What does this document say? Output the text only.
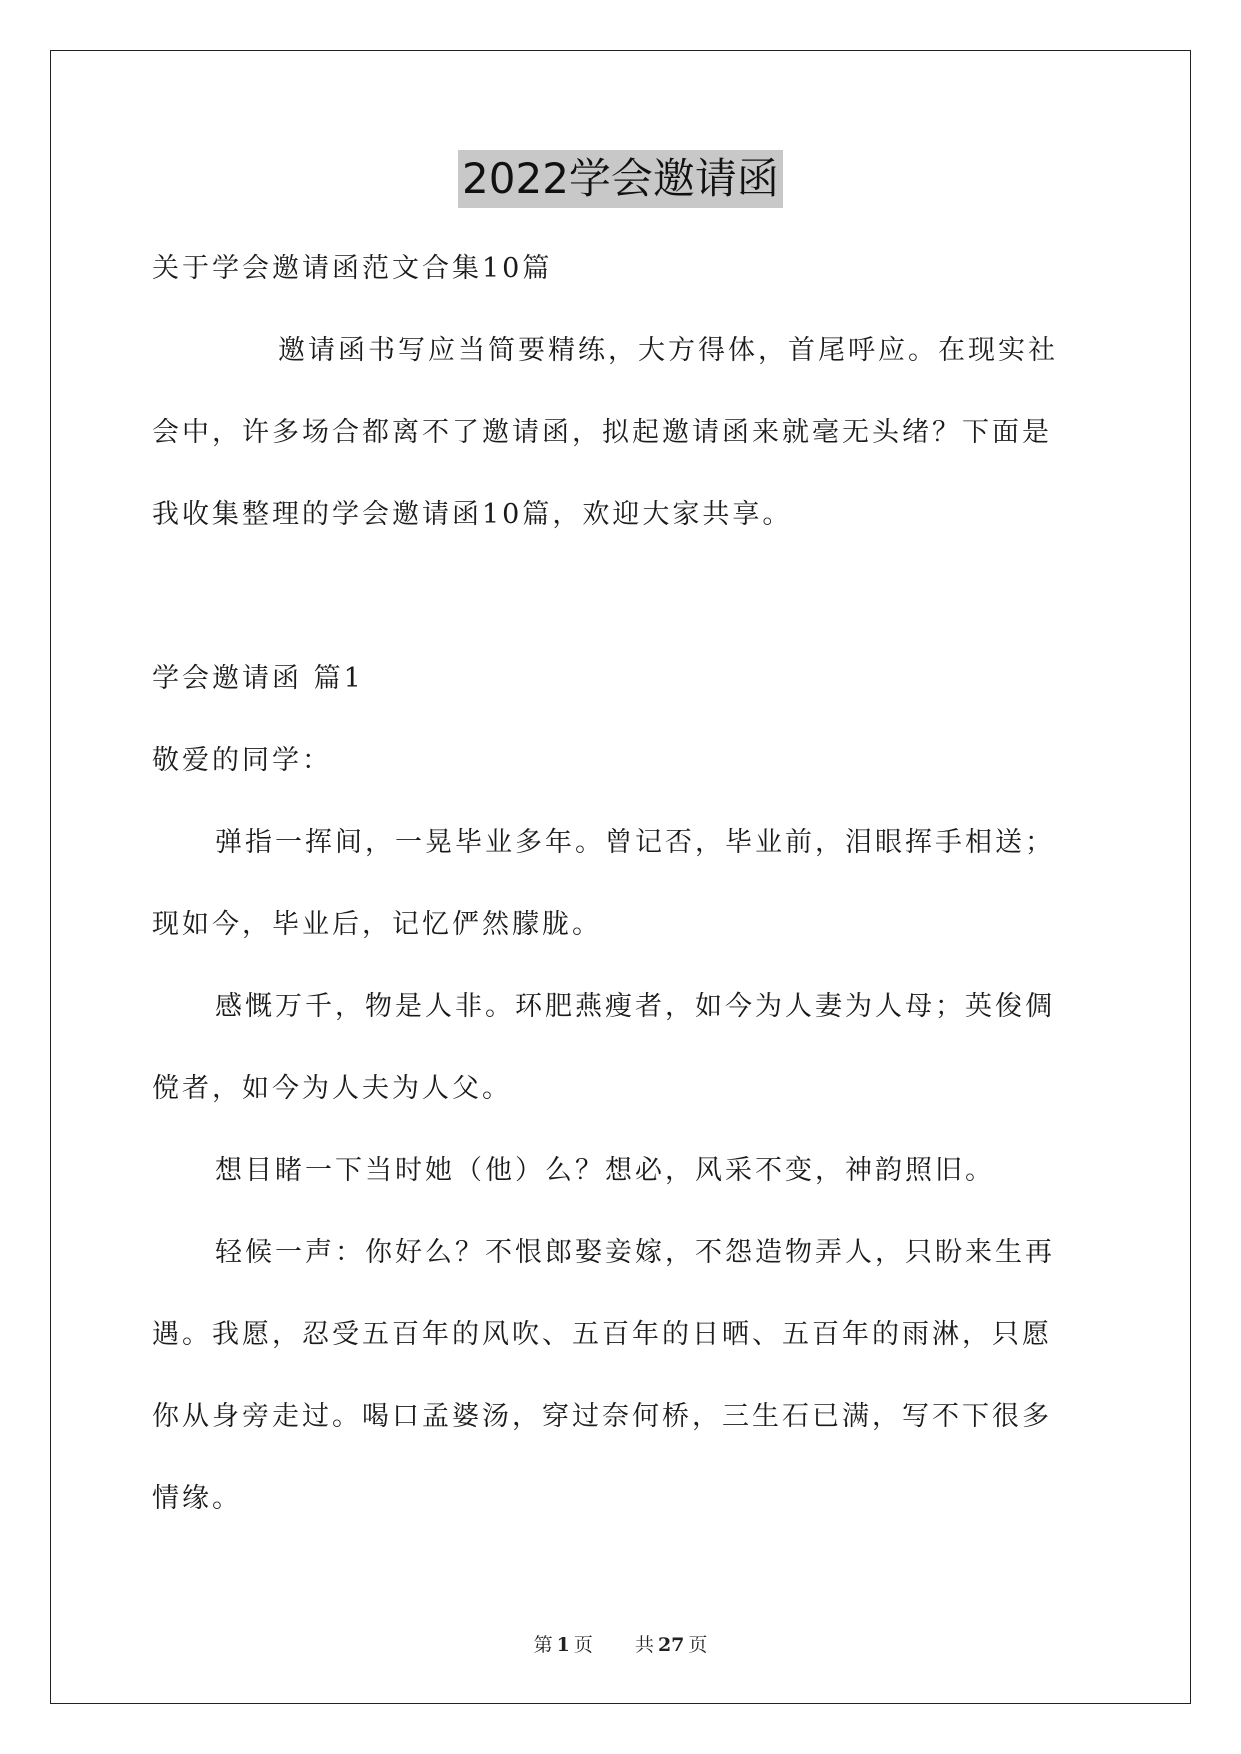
2022学会邀请函

关于学会邀请函范文合集10篇

邀请函书写应当简要精练，大方得体，首尾呼应。在现实社

会中，许多场合都离不了邀请函，拟起邀请函来就毫无头绪？下面是

我收集整理的学会邀请函10篇，欢迎大家共享。

学会邀请函 篇1

敬爱的同学：

弹指一挥间，一晃毕业多年。曾记否，毕业前，泪眼挥手相送；

现如今，毕业后，记忆俨然朦胧。

感慨万千，物是人非。环肥燕瘦者，如今为人妻为人母；英俊倜

傥者，如今为人夫为人父。

想目睹一下当时她（他）么？想必，风采不变，神韵照旧。

轻候一声：你好么？不恨郎娶妾嫁，不怨造物弄人，只盼来生再

遇。我愿，忍受五百年的风吹、五百年的日晒、五百年的雨淋，只愿

你从身旁走过。喝口孟婆汤，穿过奈何桥，三生石已满，写不下很多

情缘。

第 1 页 共 27 页
